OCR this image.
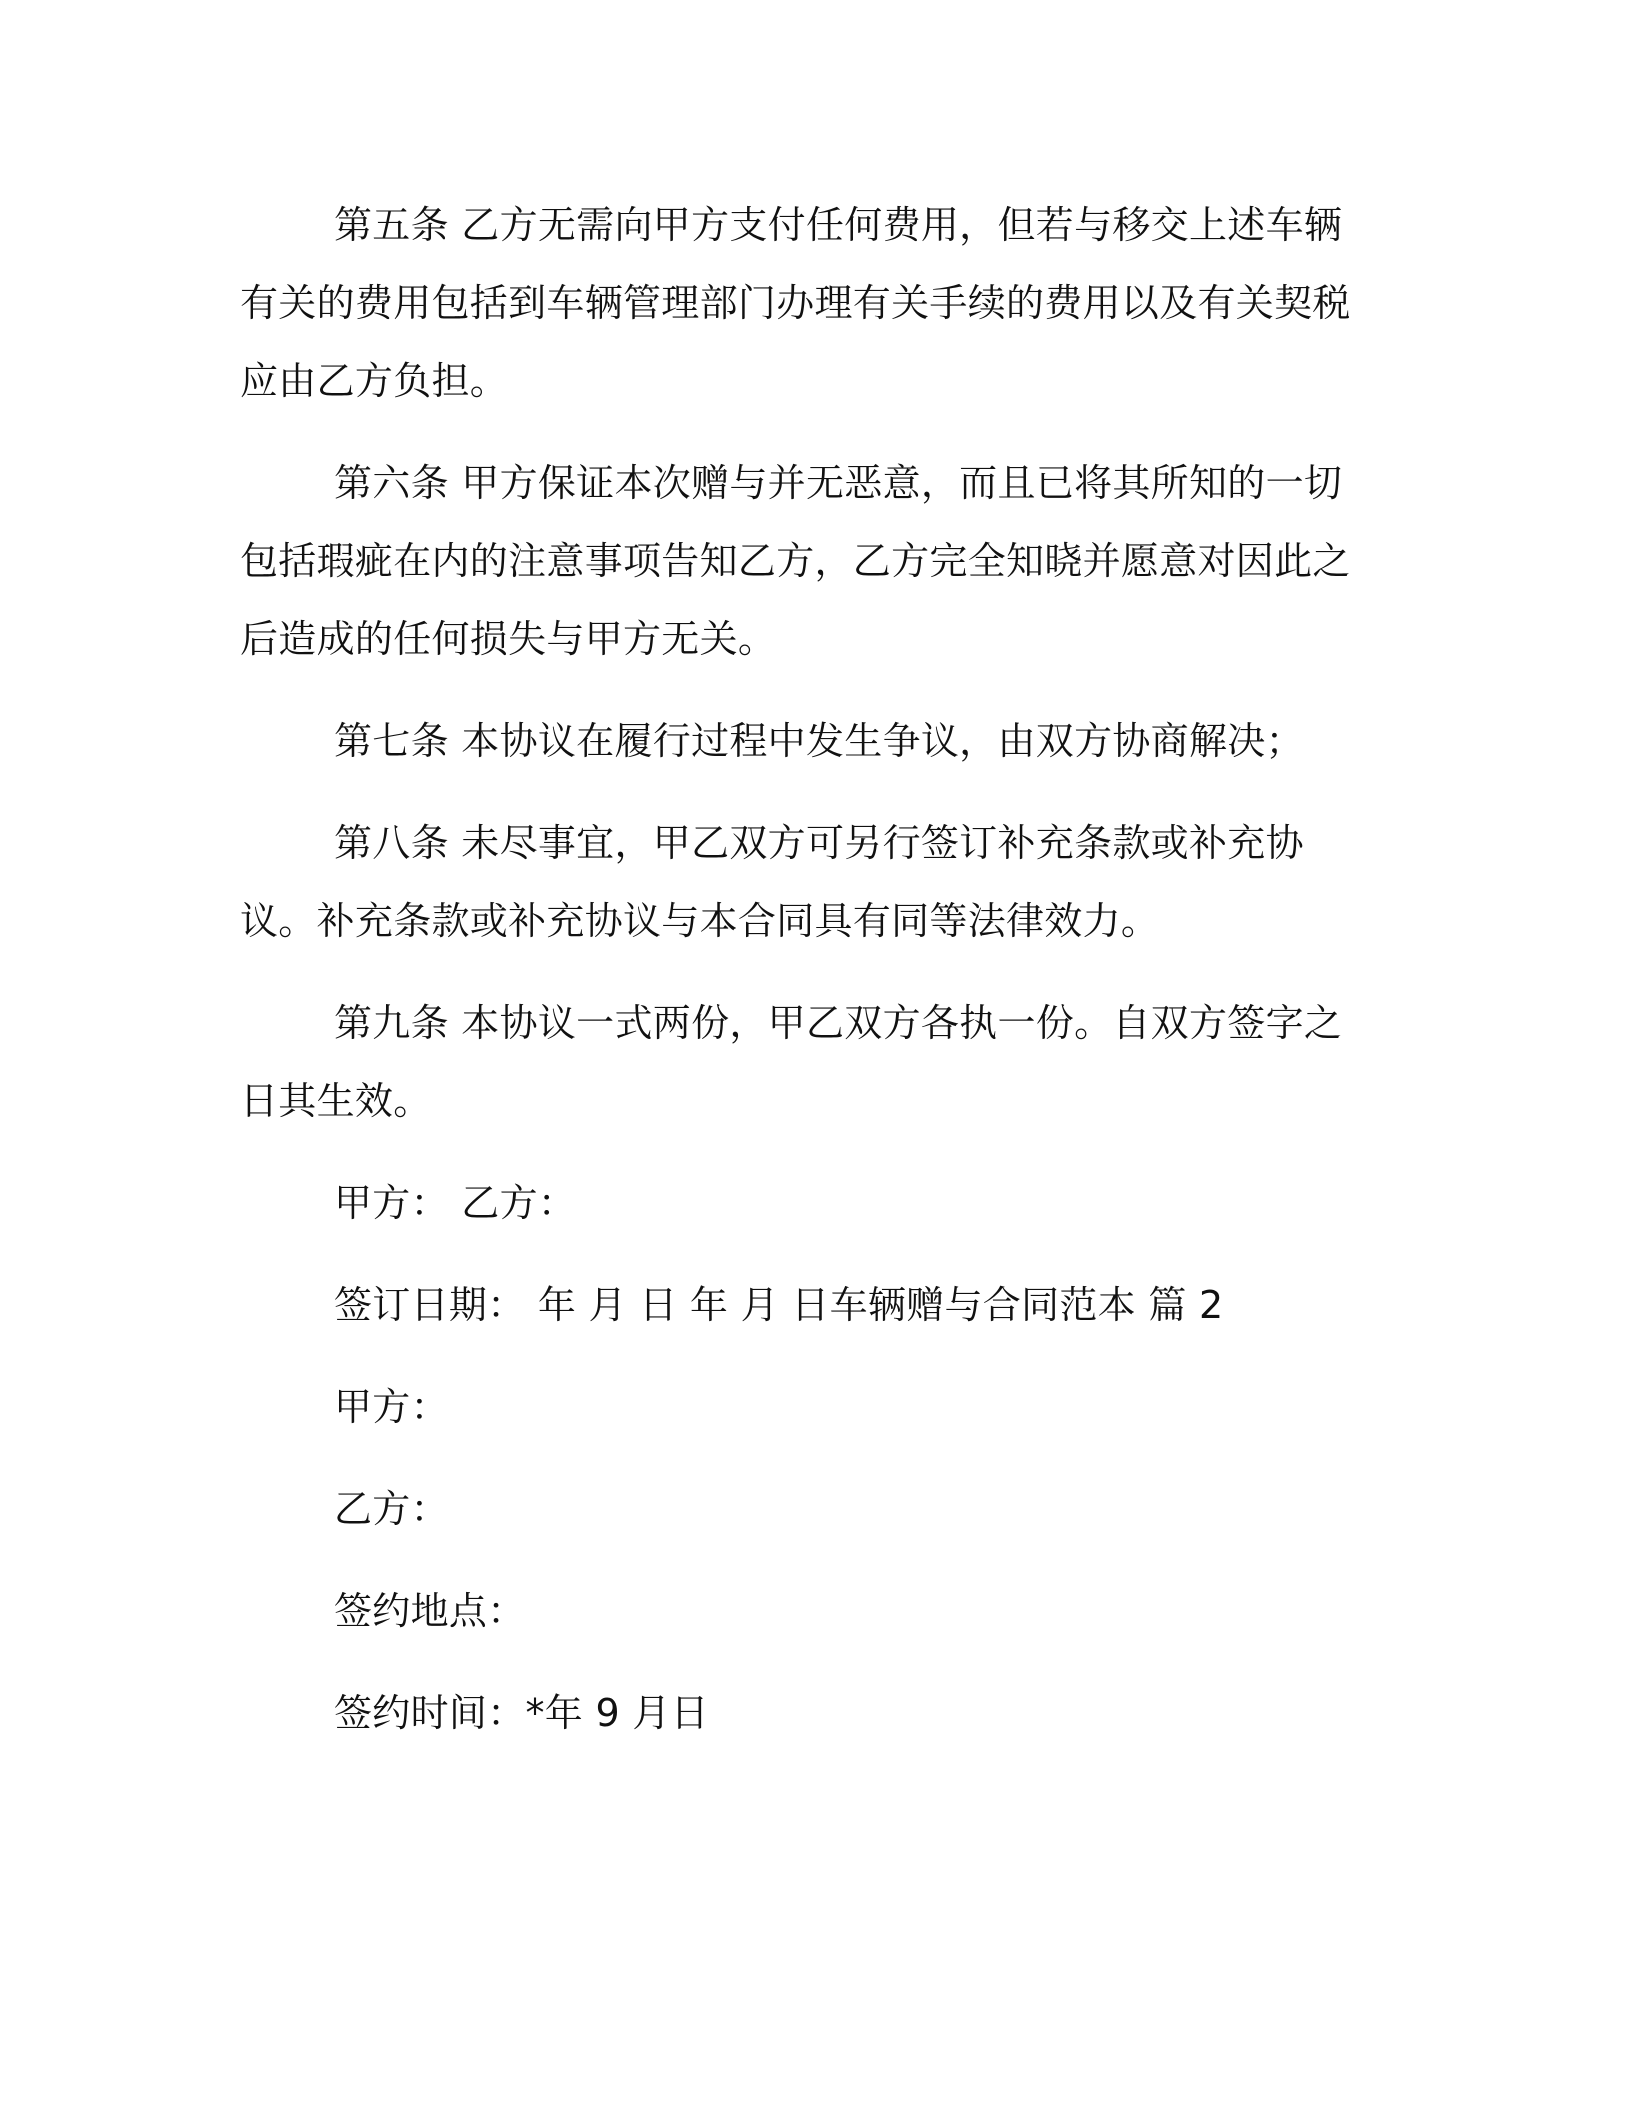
第五条 乙方无需向甲方支付任何费用，但若与移交上述车辆有关的费用包括到车辆管理部门办理有关手续的费用以及有关契税应由乙方负担。

第六条 甲方保证本次赠与并无恶意，而且已将其所知的一切包括瑕疵在内的注意事项告知乙方，乙方完全知晓并愿意对因此之后造成的任何损失与甲方无关。

第七条 本协议在履行过程中发生争议，由双方协商解决；

第八条 未尽事宜，甲乙双方可另行签订补充条款或补充协议。补充条款或补充协议与本合同具有同等法律效力。

第九条 本协议一式两份，甲乙双方各执一份。自双方签字之日其生效。

甲方： 乙方：

签订日期： 年 月 日 年 月 日车辆赠与合同范本 篇 2

甲方：

乙方：

签约地点：

签约时间：*年 9 月日
